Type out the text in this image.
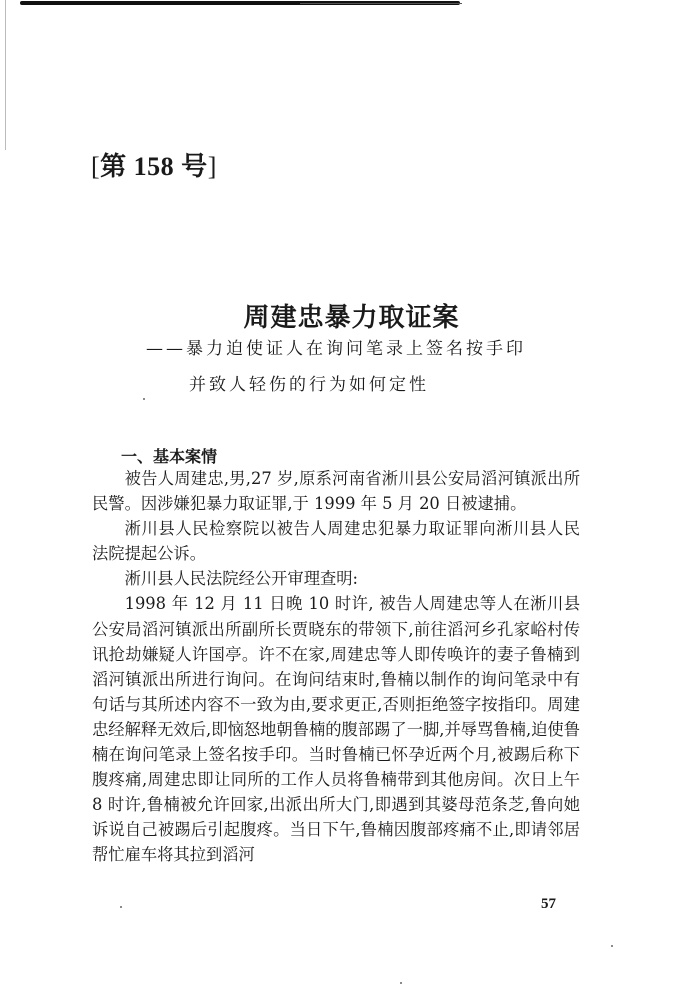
[第 158 号]
周建忠暴力取证案
——暴力迫使证人在询问笔录上签名按手印
并致人轻伤的行为如何定性
一、基本案情

被告人周建忠,男,27 岁,原系河南省淅川县公安局滔河镇派出所民警。因涉嫌犯暴力取证罪,于 1999 年 5 月 20 日被逮捕。

淅川县人民检察院以被告人周建忠犯暴力取证罪向淅川县人民法院提起公诉。

淅川县人民法院经公开审理查明:

1998 年 12 月 11 日晚 10 时许, 被告人周建忠等人在淅川县公安局滔河镇派出所副所长贾晓东的带领下,前往滔河乡孔家峪村传讯抢劫嫌疑人许国亭。许不在家,周建忠等人即传唤许的妻子鲁楠到滔河镇派出所进行询问。在询问结束时,鲁楠以制作的询问笔录中有句话与其所述内容不一致为由,要求更正,否则拒绝签字按指印。周建忠经解释无效后,即恼怒地朝鲁楠的腹部踢了一脚,并辱骂鲁楠,迫使鲁楠在询问笔录上签名按手印。当时鲁楠已怀孕近两个月,被踢后称下腹疼痛,周建忠即让同所的工作人员将鲁楠带到其他房间。次日上午 8 时许,鲁楠被允许回家,出派出所大门,即遇到其婆母范条芝,鲁向她诉说自己被踢后引起腹疼。当日下午,鲁楠因腹部疼痛不止,即请邻居帮忙雇车将其拉到滔河

57
